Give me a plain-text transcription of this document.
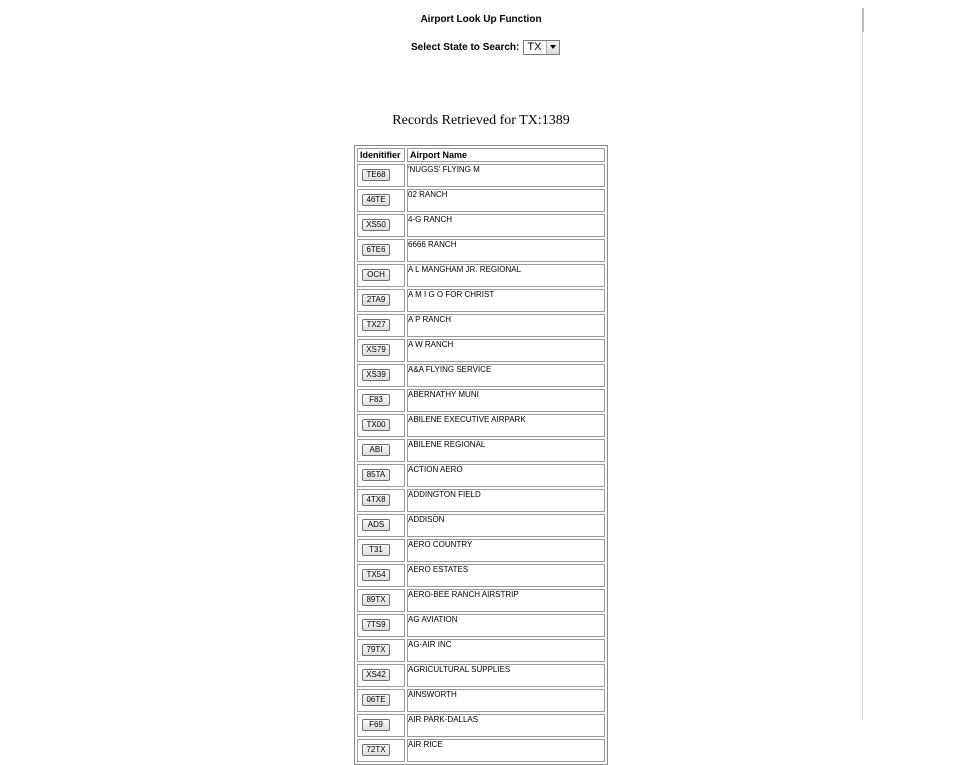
Airport Look Up Function
Select State to Search: TX
Records Retrieved for TX:1389
Idenitifier	Airport Name

TE68	'NUGGS' FLYING M

46TE	02 RANCH

XS50	4-G RANCH

6TE6	6666 RANCH

OCH	A L MANGHAM JR. REGIONAL

2TA9	A M I G O FOR CHRIST

TX27	A P RANCH

XS79	A W RANCH

XS39	A&A FLYING SERVICE

F83	ABERNATHY MUNI

TX00	ABILENE EXECUTIVE AIRPARK

ABI	ABILENE REGIONAL

85TA	ACTION AERO

4TX8	ADDINGTON FIELD

ADS	ADDISON

T31	AERO COUNTRY

TX54	AERO ESTATES

89TX	AERO-BEE RANCH AIRSTRIP

7TS9	AG AVIATION

79TX	AG-AIR INC

XS42	AGRICULTURAL SUPPLIES

06TE	AINSWORTH

F69	AIR PARK-DALLAS

72TX	AIR RICE
